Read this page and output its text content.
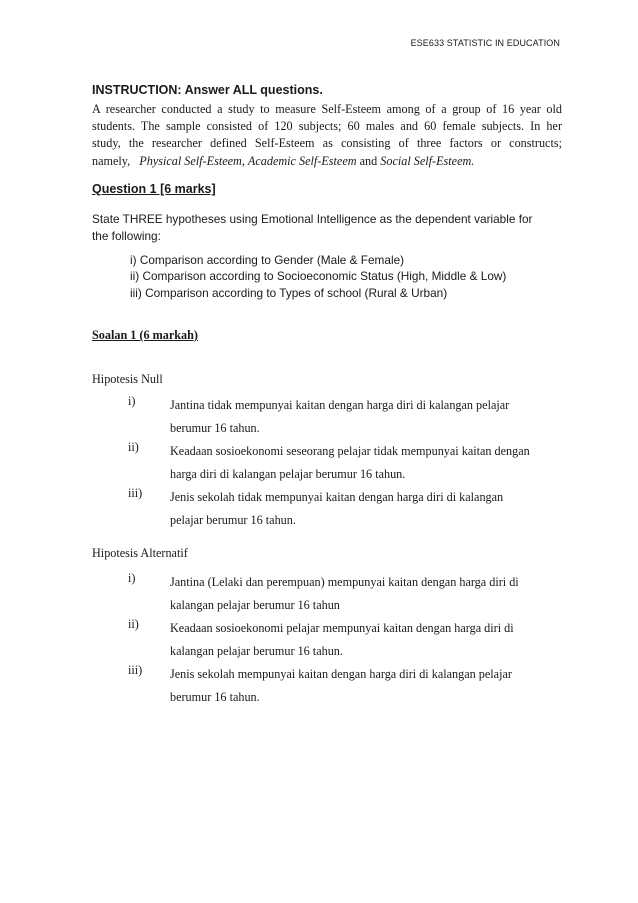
ESE633 STATISTIC IN EDUCATION
INSTRUCTION: Answer ALL questions.
A researcher conducted a study to measure Self-Esteem among of a group of 16 year old
students. The sample consisted of 120 subjects; 60 males and 60 female subjects. In her
study, the researcher defined Self-Esteem as consisting of three factors or constructs;
namely, Physical Self-Esteem, Academic Self-Esteem and Social Self-Esteem.
Question 1 [6 marks]
State THREE hypotheses using Emotional Intelligence as the dependent variable for
the following:
i) Comparison according to Gender (Male & Female)
ii) Comparison according to Socioeconomic Status (High, Middle & Low)
iii) Comparison according to Types of school (Rural & Urban)
Soalan 1 (6 markah)
Hipotesis Null
i)	Jantina tidak mempunyai kaitan dengan harga diri di kalangan pelajar
berumur 16 tahun.
ii)	Keadaan sosioekonomi seseorang pelajar tidak mempunyai kaitan dengan
harga diri di kalangan pelajar berumur 16 tahun.
iii) Jenis sekolah tidak mempunyai kaitan dengan harga diri di kalangan
pelajar berumur 16 tahun.
Hipotesis Alternatif
i)	Jantina (Lelaki dan perempuan) mempunyai kaitan dengan harga diri di
kalangan pelajar berumur 16 tahun
ii)	Keadaan sosioekonomi pelajar mempunyai kaitan dengan harga diri di
kalangan pelajar berumur 16 tahun.
iii) Jenis sekolah mempunyai kaitan dengan harga diri di kalangan pelajar
berumur 16 tahun.
